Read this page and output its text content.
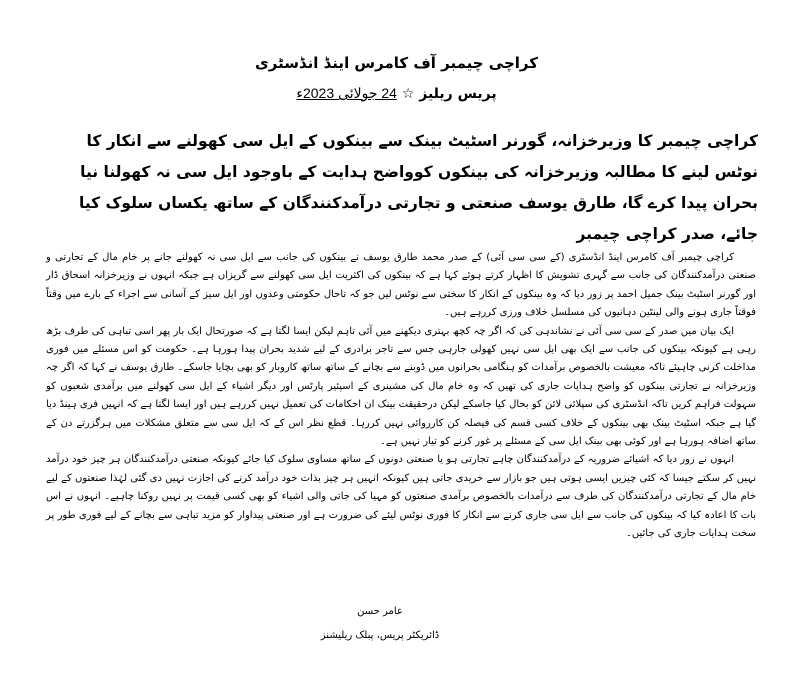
کراچی چیمبر آف کامرس اینڈ انڈسٹری
پریس ریلیز ☆ 24 جولائی 2023ء
کراچی چیمبر کا وزیرخزانہ، گورنر اسٹیٹ بینک سے بینکوں کے ایل سی کھولنے سے انکار کا نوٹس لینے کا مطالبہ وزیرخزانہ کی بینکوں کوواضح ہدایت کے باوجود ایل سی نہ کھولنا نیا بحران پیدا کرے گا، طارق یوسف صنعتی و تجارتی درآمدکنندگان کے ساتھ یکساں سلوک کیا جائے، صدر کراچی چیمبر

کراچی چیمبر آف کامرس اینڈ انڈسٹری (کے سی سی آئی) کے صدر محمد طارق یوسف نے بینکوں کی جانب سے ایل سی نہ کھولنے جانے پر خام مال کے تجارتی و صنعتی درآمدکنندگان کی جانب سے گہری تشویش کا اظہار کرتے ہوئے کہا ہے کہ بینکوں کی اکثریت ایل سی کھولنے سے گریزاں ہے جبکہ انہوں نے وزیرخزانہ اسحاق ڈار اور گورنر اسٹیٹ بینک جمیل احمد پر زور دیا کہ وہ بینکوں کے انکار کا سختی سے نوٹس لیں جو کہ تاحال حکومتی وعدوں اور ایل سیز کے آسانی سے اجراء کے بارے میں وقتاً فوقتاً جاری ہونے والی لینٹین دہانیوں کی مسلسل خلاف ورزی کررہے ہیں۔

ایک بیان میں صدر کے سی سی آئی نے نشاندہی کی کہ اگر چہ کچھ بہتری دیکھنے میں آئی تاہم لیکن ایسا لگتا ہے کہ صورتحال ایک بار پھر اسی تباہی کی طرف بڑھ رہی ہے کیونکہ بینکوں کی جانب سے ایک بھی ایل سی نہیں کھولی جارہی جس سے تاجر برادری کے لیے شدید بحران پیدا ہورہا ہے۔ حکومت کو اس مسئلے میں فوری مداخلت کرنی چاہیئے تاکہ معیشت بالخصوص برآمدات کو ہنگامی بحرانوں میں ڈوبنے سے بچانے کے ساتھ ساتھ کاروبار کو بھی بچایا جاسکے۔ طارق یوسف نے کہا کہ اگر چہ وزیرخزانہ نے تجارتی بینکوں کو واضح ہدایات جاری کی تھیں کہ وہ خام مال کی مشینری کے اسپئیر پارٹس اور دیگر اشیاء کے ایل سی کھولنے میں برآمدی شعبوں کو سہولت فراہم کریں تاکہ انڈسٹری کی سپلائی لائن کو بحال کیا جاسکے لیکن درحقیقت بینک ان احکامات کی تعمیل نہیں کررہے ہیں اور ایسا لگتا ہے کہ انہیں فری ہینڈ دیا گیا ہے جبکہ اسٹیٹ بینک بھی بینکوں کے خلاف کسی قسم کی فیصلہ کن کارروائی نہیں کررہا۔ قطع نظر اس کے کہ ایل سی سے متعلق مشکلات میں ہرگزرتے دن کے ساتھ اضافہ ہورہا ہے اور کوئی بھی بینک ایل سی کے مسئلے پر غور کرنے کو تیار نہیں ہے۔

انہوں نے زور دیا کہ اشیائے ضروریہ کے درآمدکنندگان چاہے تجارتی ہو یا صنعتی دونوں کے ساتھ مساوی سلوک کیا جائے کیونکہ صنعتی درآمدکنندگان ہر چیز خود درآمد نہیں کر سکتے جیسا کہ کئی چیزیں ایسی ہوتی ہیں جو بازار سے خریدی جاتی ہیں کیونکہ انہیں ہر چیز بذات خود درآمد کرنے کی اجازت نہیں دی گئی لہٰذا صنعتوں کے لیے خام مال کے تجارتی درآمدکنندگان کی طرف سے درآمدات بالخصوص برآمدی صنعتوں کو مہیا کی جاتی والی اشیاء کو بھی کسی قیمت پر نہیں روکنا چاہیے۔ انہوں نے اس بات کا اعادہ کیا کہ بینکوں کی جانب سے ایل سی جاری کرنے سے انکار کا فوری نوٹس لیئے کی ضرورت ہے اور صنعتی پیداوار کو مزید تباہی سے بچانے کے لیے فوری طور پر سخت ہدایات جاری کی جائیں۔

عامر حسن
ڈائریکٹر پریس، پبلک ریلیشنز
